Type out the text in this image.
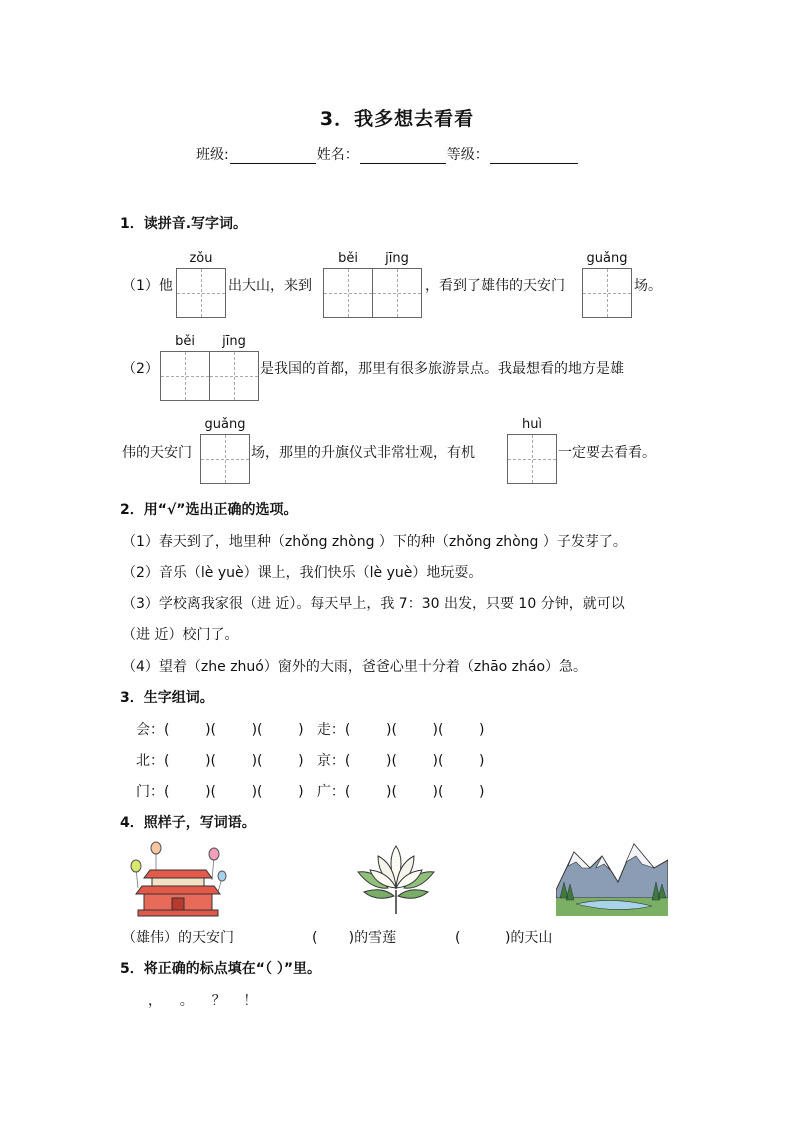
3．我多想去看看
班级:	姓名：	等级：
1．读拼音.写字词。
zǒu	běi	jīng	guǎng
（1）他	出大山，来到	，看到了雄伟的天安门	场。
běi	jīng
（2）	是我国的首都，那里有很多旅游景点。我最想看的地方是雄
guǎng	huì
伟的天安门	场，那里的升旗仪式非常壮观，有机	一定要去看看。
2．用“√”选出正确的选项。
（1）春天到了，地里种（zhǒng zhòng ）下的种（zhǒng zhòng ）子发芽了。
（2）音乐（lè yuè）课上，我们快乐（lè yuè）地玩耍。
（3）学校离我家很（进 近）。每天早上，我 7：30 出发，只要 10 分钟，就可以
（进 近）校门了。
（4）望着（zhe zhuó）窗外的大雨，爸爸心里十分着（zhāo zháo）急。
3．生字组词。
会：(        )(        )(        )   走：(        )(        )(        )
北：(        )(        )(        )   京：(        )(        )(        )
门：(        )(        )(        )   广：(        )(        )(        )
4．照样子，写词语。
（雄伟）的天安门	(       )的雪莲	(          )的天山
5．将正确的标点填在“（ ）”里。
，    。    ？    ！
